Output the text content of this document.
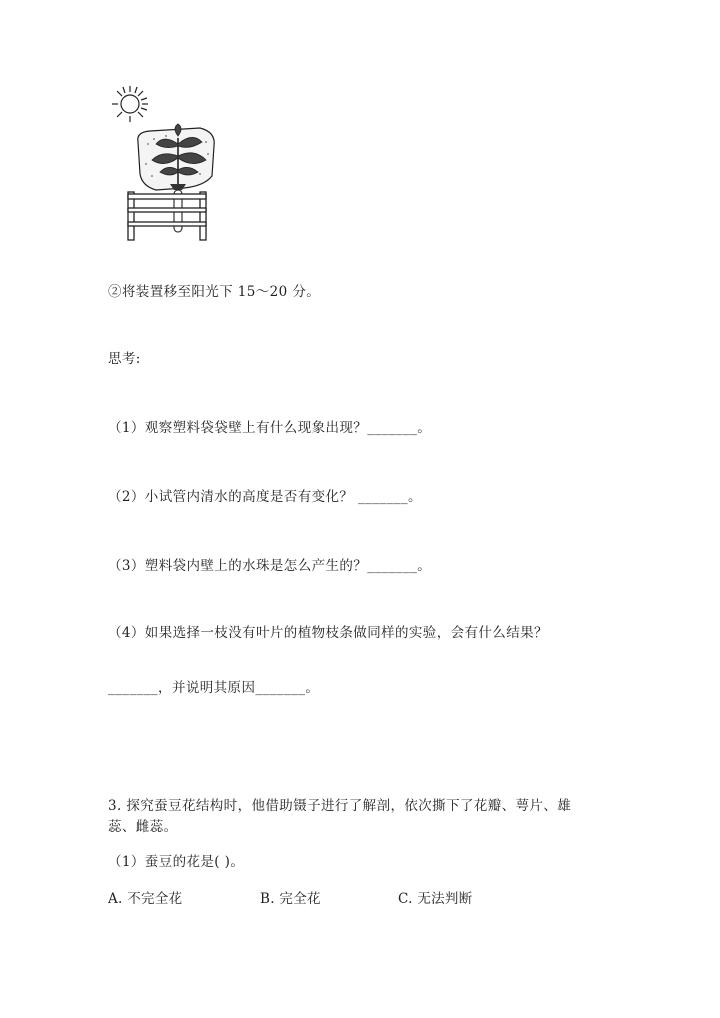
②将装置移至阳光下 15～20 分。
思考:
（1）观察塑料袋袋壁上有什么现象出现？_______。
（2）小试管内清水的高度是否有变化？ _______。
（3）塑料袋内壁上的水珠是怎么产生的？_______。
（4）如果选择一枝没有叶片的植物枝条做同样的实验，会有什么结果？
_______，并说明其原因_______。
3. 探究蚕豆花结构时，他借助镊子进行了解剖，依次撕下了花瓣、萼片、雄蕊、雌蕊。
（1）蚕豆的花是( )。
A. 不完全花	B. 完全花	C. 无法判断
